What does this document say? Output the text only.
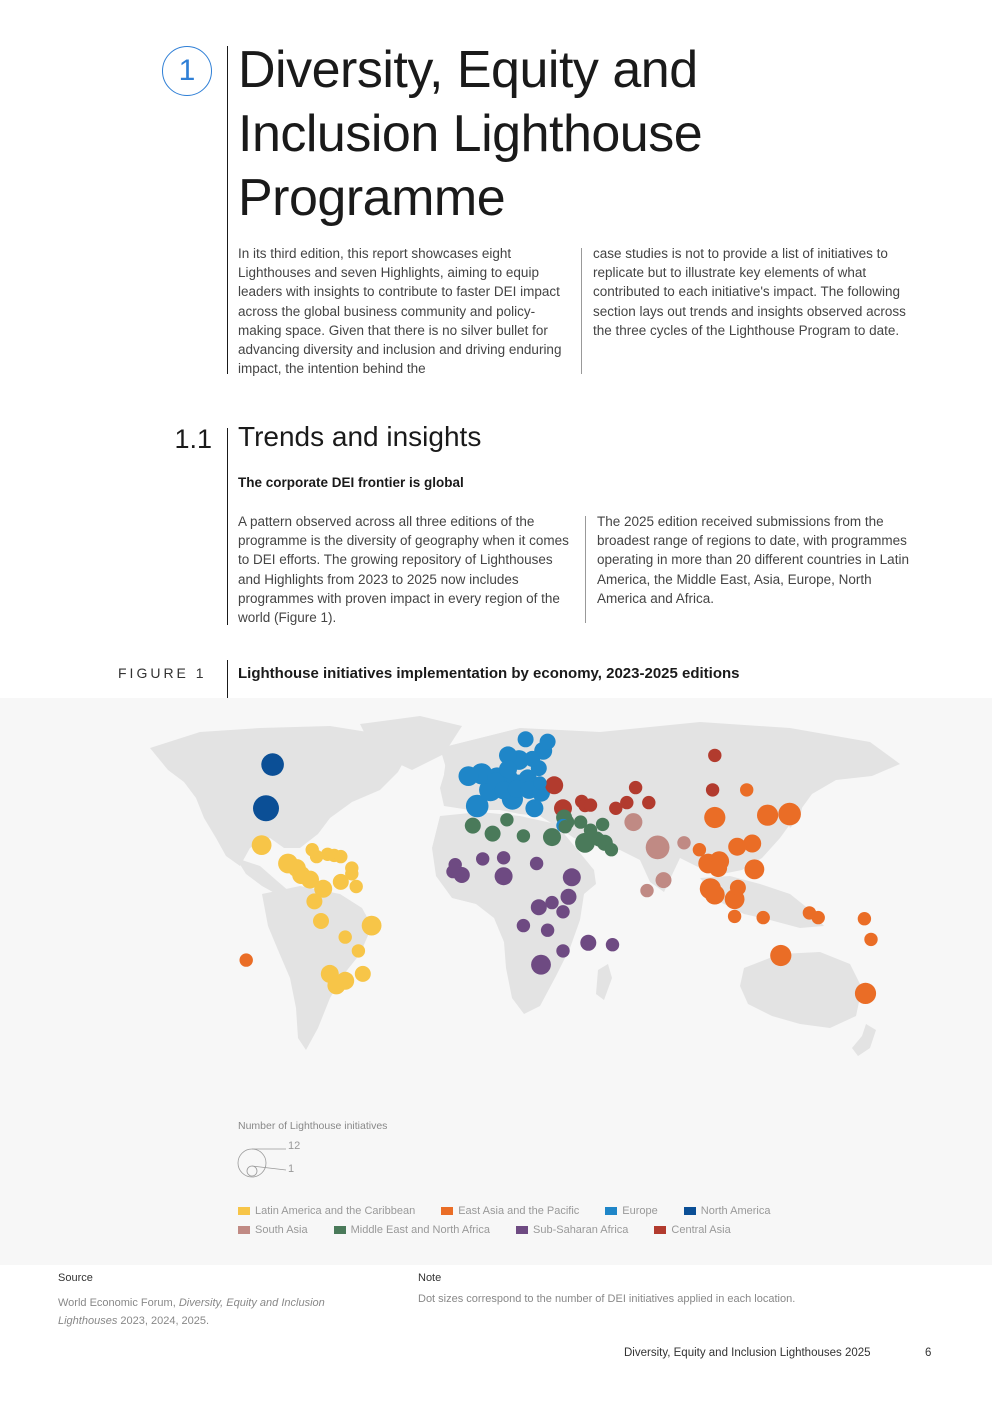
1 Diversity, Equity and Inclusion Lighthouse Programme

In its third edition, this report showcases eight Lighthouses and seven Highlights, aiming to equip leaders with insights to contribute to faster DEI impact across the global business community and policy-making space. Given that there is no silver bullet for advancing diversity and inclusion and driving enduring impact, the intention behind the

case studies is not to provide a list of initiatives to replicate but to illustrate key elements of what contributed to each initiative's impact. The following section lays out trends and insights observed across the three cycles of the Lighthouse Program to date.

1.1 Trends and insights
The corporate DEI frontier is global

A pattern observed across all three editions of the programme is the diversity of geography when it comes to DEI efforts. The growing repository of Lighthouses and Highlights from 2023 to 2025 now includes programmes with proven impact in every region of the world (Figure 1).

The 2025 edition received submissions from the broadest range of regions to date, with programmes operating in more than 20 different countries in Latin America, the Middle East, Asia, Europe, North America and Africa.

FIGURE 1 Lighthouse initiatives implementation by economy, 2023-2025 editions
Number of Lighthouse initiatives
12
1
Latin America and the Caribbean	East Asia and the Pacific	Europe	North America
South Asia	Middle East and North Africa	Sub-Saharan Africa	Central Asia
Source
World Economic Forum, Diversity, Equity and Inclusion Lighthouses 2023, 2024, 2025.
Note
Dot sizes correspond to the number of DEI initiatives applied in each location.
Diversity, Equity and Inclusion Lighthouses 2025	6
